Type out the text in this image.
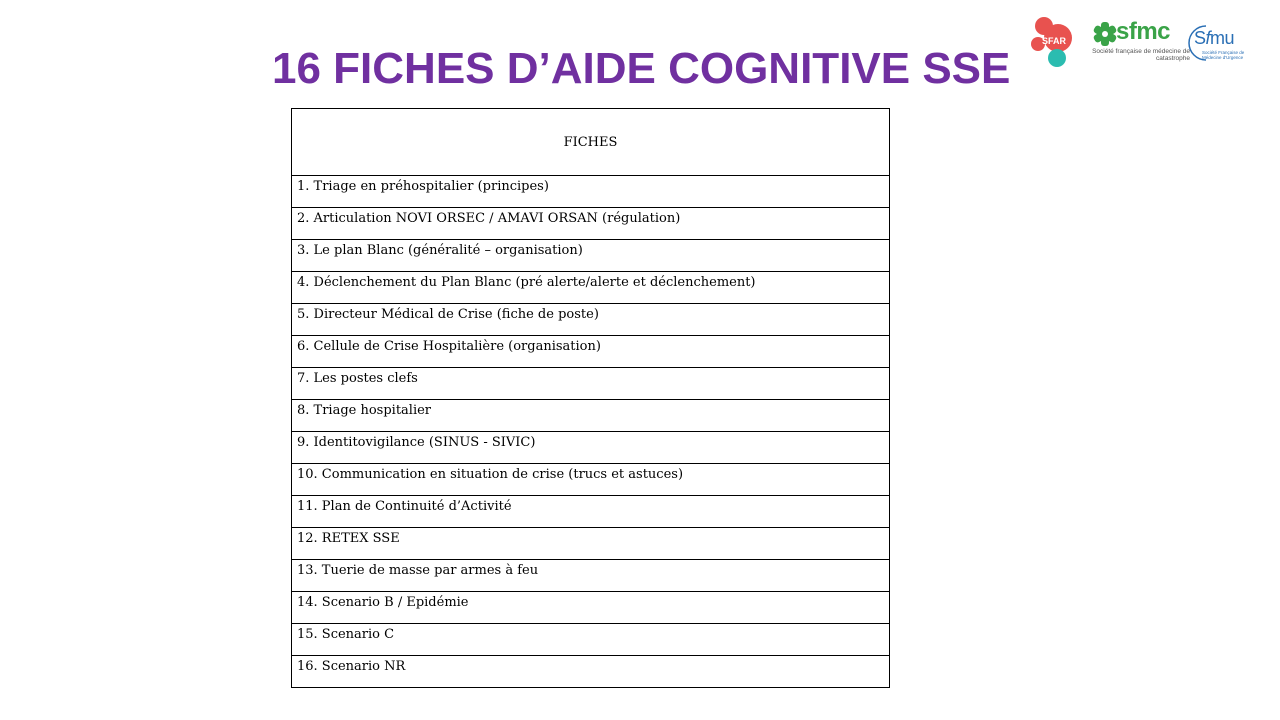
16 FICHES D’AIDE COGNITIVE SSE
SFAR sfmc
Société française de médecine de catastrophe
Sfmu
Société Française de Médecine d'Urgence
FICHES
1. Triage en préhospitalier (principes)
2. Articulation NOVI ORSEC / AMAVI ORSAN (régulation)
3. Le plan Blanc (généralité – organisation)
4. Déclenchement du Plan Blanc (pré alerte/alerte et déclenchement)
5. Directeur Médical de Crise (fiche de poste)
6. Cellule de Crise Hospitalière (organisation)
7. Les postes clefs
8. Triage hospitalier
9. Identitovigilance (SINUS - SIVIC)
10. Communication en situation de crise (trucs et astuces)
11. Plan de Continuité d’Activité
12. RETEX SSE
13. Tuerie de masse par armes à feu
14. Scenario B / Epidémie
15. Scenario C
16. Scenario NR
